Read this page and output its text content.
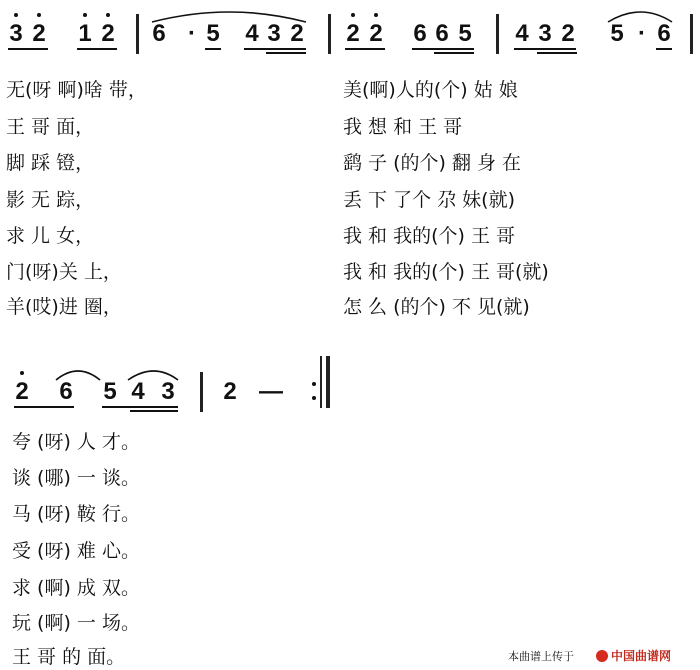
3 2 1 2 6 · 5 4 3 2 2 2 6 6 5 4 3 2 5 · 6
无(呀 啊)啥 带，
王 哥 面，
脚 踩 镫，
影 无 踪，
求 儿 女，
门(呀)关 上，
羊(哎)进 圈，
美(啊)人的(个) 姑 娘
我 想 和 王 哥
鹞 子 (的个) 翻 身 在
丢 下 了个 尕 妹(就)
我 和 我的(个) 王 哥
我 和 我的(个) 王 哥(就)
怎 么 (的个) 不 见(就)
2 6 5 4 3 2 —
夸 (呀) 人 才。
谈 (哪) 一 谈。
马 (呀) 鞍 行。
受 (呀) 难 心。
求 (啊) 成 双。
玩 (啊) 一 场。
王 哥 的 面。	本曲谱上传于	中国曲谱网
